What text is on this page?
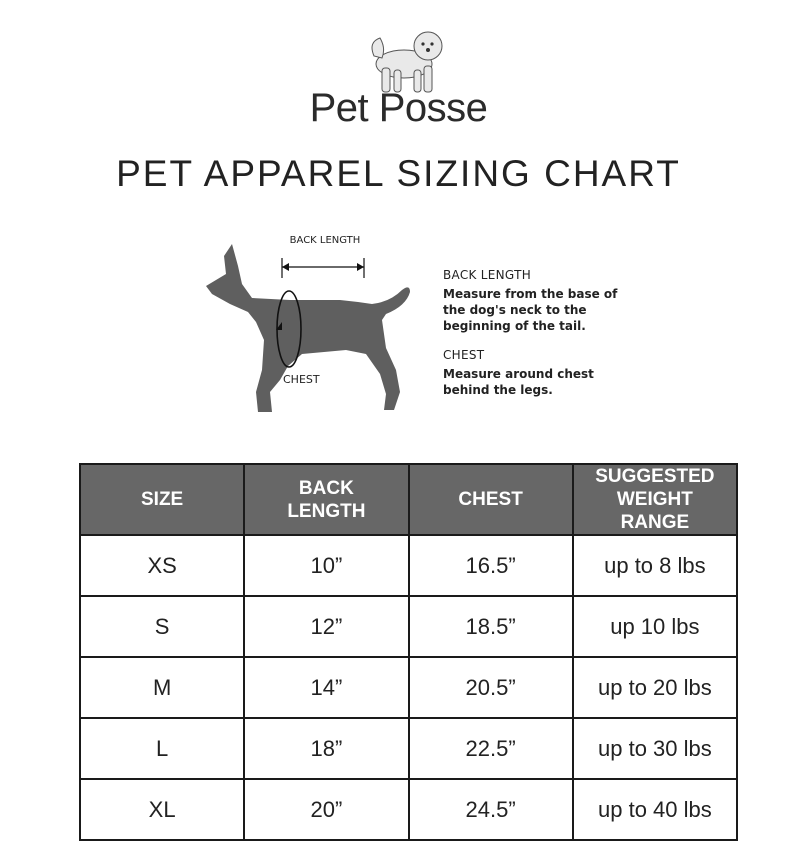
Pet Posse
PET APPAREL SIZING CHART
BACK LENGTH
CHEST
BACK LENGTH
Measure from the base of the dog's neck to the beginning of the tail.
CHEST
Measure around chest behind the legs.
SIZE	BACK LENGTH	CHEST	SUGGESTED WEIGHT RANGE
XS	10”	16.5”	up to 8 lbs
S	12”	18.5”	up 10 lbs
M	14”	20.5”	up to 20 lbs
L	18”	22.5”	up to 30 lbs
XL	20”	24.5”	up to 40 lbs
